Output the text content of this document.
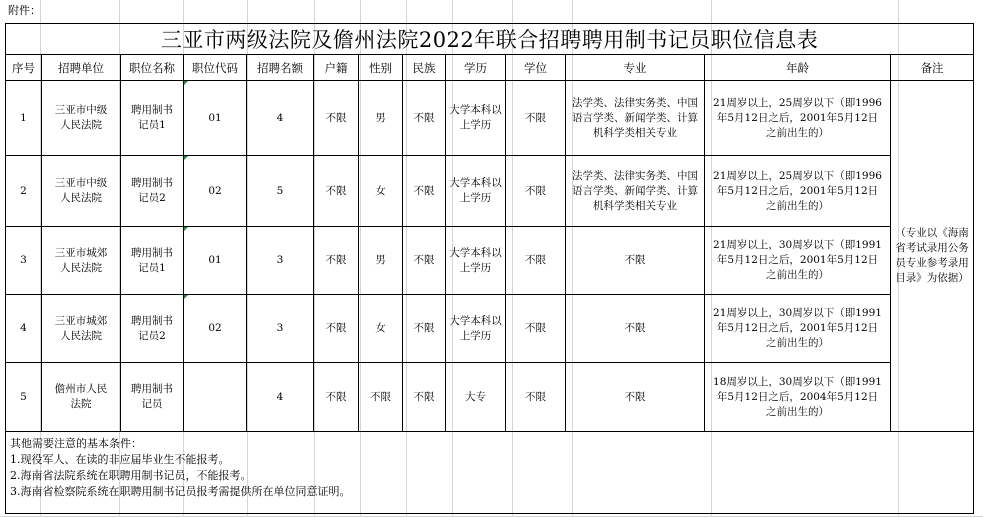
附件：
三亚市两级法院及儋州法院2022年联合招聘聘用制书记员职位信息表												
序号	招聘单位	职位名称	职位代码	招聘名额	户籍	性别	民族	学历	学位	专业	年龄	备注
1	三亚市中级人民法院	聘用制书记员1	01	4	不限	男	不限	大学本科以上学历	不限	法学类、法律实务类、中国语言学类、新闻学类、计算机科学类相关专业	21周岁以上，25周岁以下（即1996年5月12日之后，2001年5月12日之前出生的）	（专业以《海南省考试录用公务员专业参考录用目录》为依据）
2	三亚市中级人民法院	聘用制书记员2	02	5	不限	女	不限	大学本科以上学历	不限	法学类、法律实务类、中国语言学类、新闻学类、计算机科学类相关专业	21周岁以上，25周岁以下（即1996年5月12日之后，2001年5月12日之前出生的）	
3	三亚市城郊人民法院	聘用制书记员1	01	3	不限	男	不限	大学本科以上学历	不限	不限	21周岁以上，30周岁以下（即1991年5月12日之后，2001年5月12日之前出生的）	
4	三亚市城郊人民法院	聘用制书记员2	02	3	不限	女	不限	大学本科以上学历	不限	不限	21周岁以上，30周岁以下（即1991年5月12日之后，2001年5月12日之前出生的）	
5	儋州市人民法院	聘用制书记员		4	不限	不限	不限	大专	不限	不限	18周岁以上，30周岁以下（即1991年5月12日之后，2004年5月12日之前出生的）	

其他需要注意的基本条件：
1.现役军人、在读的非应届毕业生不能报考。
2.海南省法院系统在职聘用制书记员，不能报考。
3.海南省检察院系统在职聘用制书记员报考需提供所在单位同意证明。												
